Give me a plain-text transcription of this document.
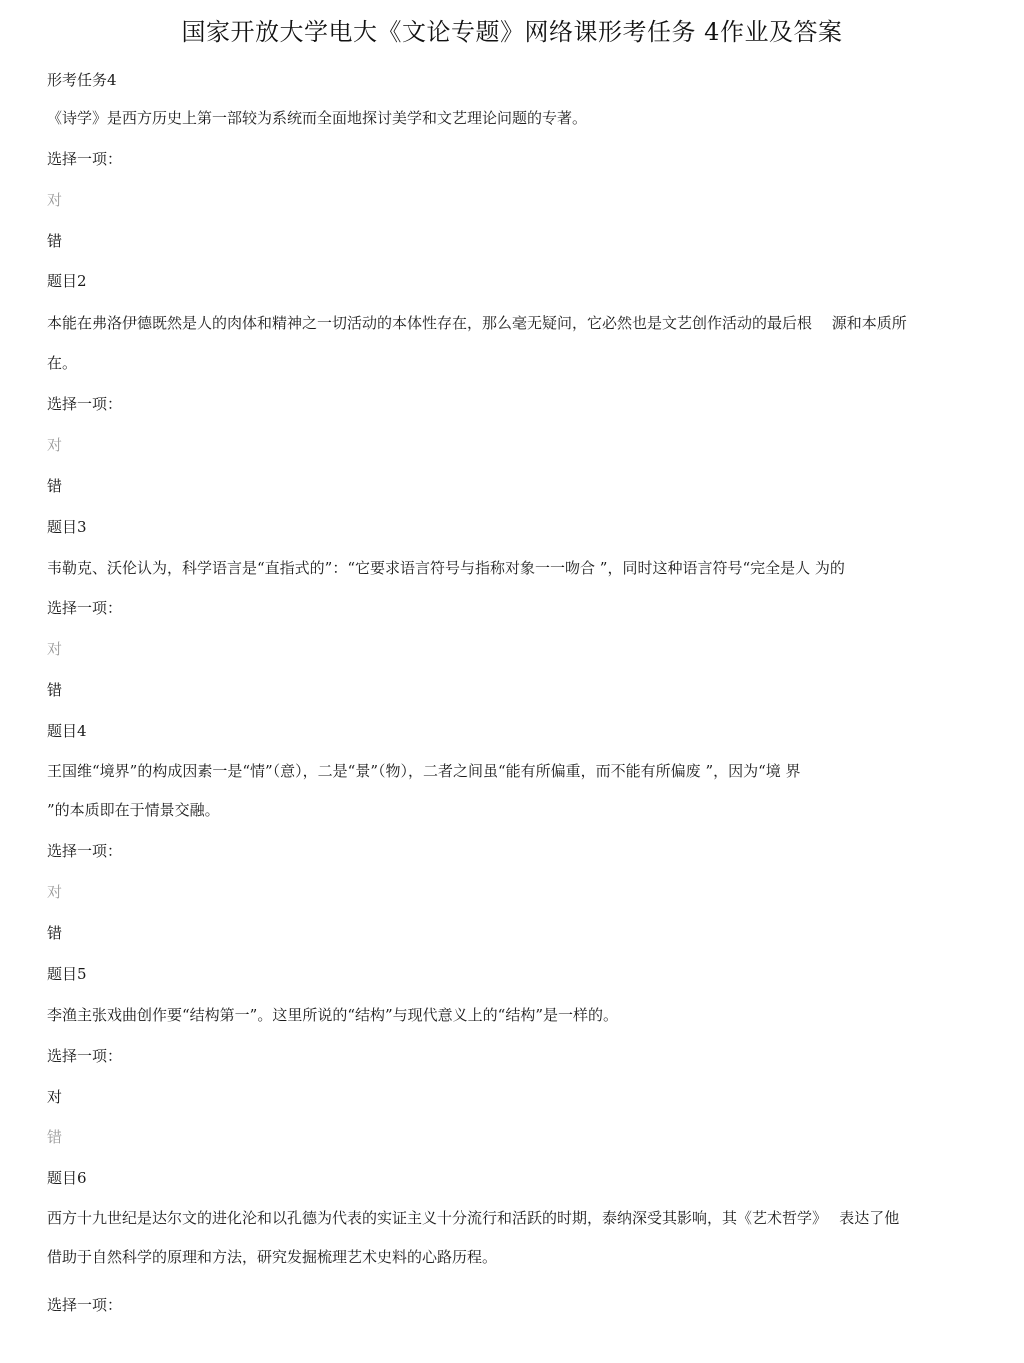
国家开放大学电大《文论专题》网络课形考任务 4作业及答案
形考任务4
《诗学》是西方历史上第一部较为系统而全面地探讨美学和文艺理论问题的专著。
选择一项：
对
错
题目2
本能在弗洛伊德既然是人的肉体和精神之一切活动的本体性存在，那么毫无疑问，它必然也是文艺创作活动的最后根　 源和本质所
在。
选择一项：
对
错
题目3
韦勒克、沃伦认为，科学语言是“直指式的”：“它要求语言符号与指称对象一一吻合 ”，同时这种语言符号“完全是人 为的
选择一项：
对
错
题目4
王国维“境界”的构成因素一是“情”（意），二是“景”（物），二者之间虽“能有所偏重，而不能有所偏废 ”，因为“境 界
”的本质即在于情景交融。
选择一项：
对
错
题目5
李渔主张戏曲创作要“结构第一”。这里所说的“结构”与现代意义上的“结构”是一样的。
选择一项：
对
错
题目6
西方十九世纪是达尔文的进化沦和以孔德为代表的实证主义十分流行和活跃的时期，泰纳深受其影响，其《艺术哲学》　 表达了他
借助于自然科学的原理和方法，研究发掘梳理艺术史料的心路历程。
选择一项：
